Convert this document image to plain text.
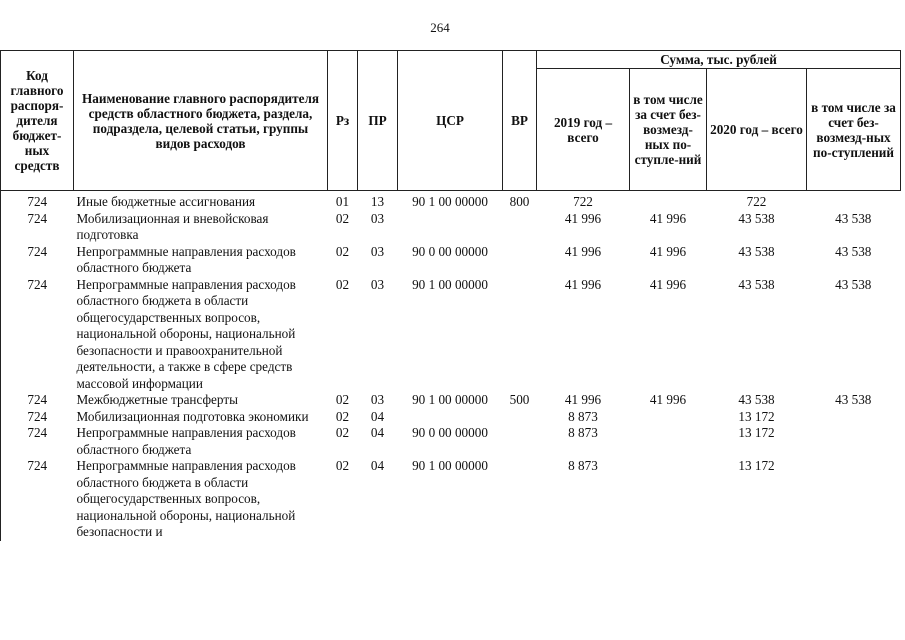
264
Код главного распоря-дителя бюджет-ных средств	Наименование главного распорядителя средств областного бюджета, раздела, подраздела, целевой статьи, группы видов расходов	Рз	ПР	ЦСР	ВР	Сумма, тыс. рублей			
						2019 год – всего	в том числе за счет без-возмезд-ных по-ступле-ний	2020 год – всего	в том числе за счет без-возмезд-ных по-ступлений
724	Иные бюджетные ассигнования	01	13	90 1 00 00000	800	722		722	
724	Мобилизационная и вневойсковая подготовка	02	03			41 996	41 996	43 538	43 538
724	Непрограммные направления расходов областного бюджета	02	03	90 0 00 00000		41 996	41 996	43 538	43 538
724	Непрограммные направления расходов областного бюджета в области общегосударственных вопросов, национальной обороны, национальной безопасности и правоохранительной деятельности, а также в сфере средств массовой информации	02	03	90 1 00 00000		41 996	41 996	43 538	43 538
724	Межбюджетные трансферты	02	03	90 1 00 00000	500	41 996	41 996	43 538	43 538
724	Мобилизационная подготовка экономики	02	04			8 873		13 172	
724	Непрограммные направления расходов областного бюджета	02	04	90 0 00 00000		8 873		13 172	
724	Непрограммные направления расходов областного бюджета в области общегосударственных вопросов, национальной обороны, национальной безопасности и	02	04	90 1 00 00000		8 873		13 172	
